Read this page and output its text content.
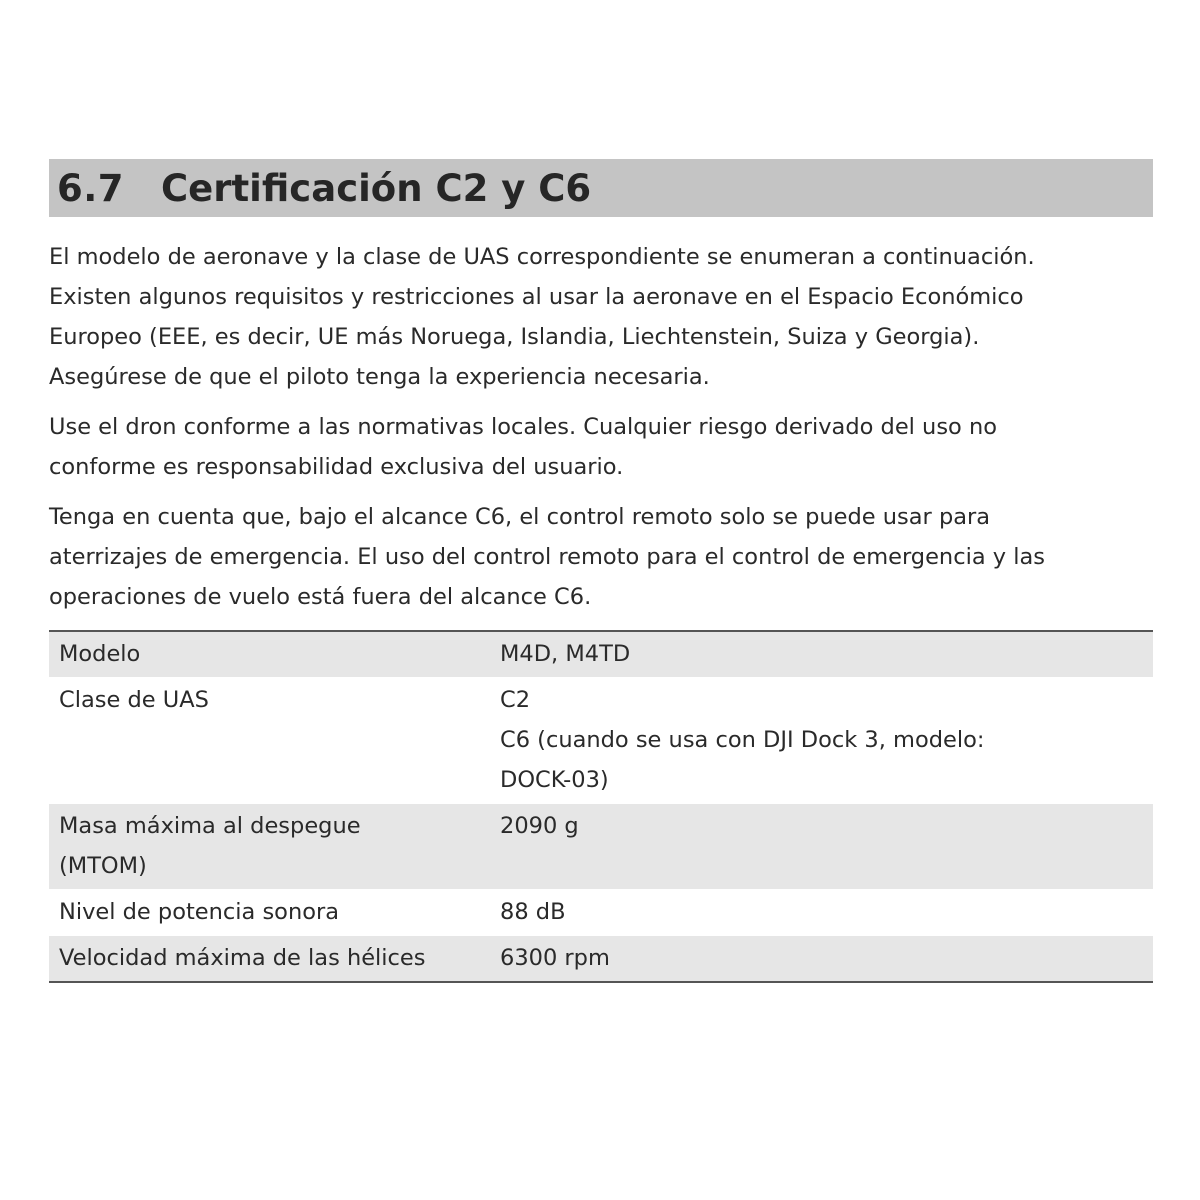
6.7 Certificación C2 y C6

El modelo de aeronave y la clase de UAS correspondiente se enumeran a continuación.
Existen algunos requisitos y restricciones al usar la aeronave en el Espacio Económico
Europeo (EEE, es decir, UE más Noruega, Islandia, Liechtenstein, Suiza y Georgia).
Asegúrese de que el piloto tenga la experiencia necesaria.

Use el dron conforme a las normativas locales. Cualquier riesgo derivado del uso no
conforme es responsabilidad exclusiva del usuario.

Tenga en cuenta que, bajo el alcance C6, el control remoto solo se puede usar para
aterrizajes de emergencia. El uso del control remoto para el control de emergencia y las
operaciones de vuelo está fuera del alcance C6.

Modelo	M4D, M4TD

Clase de UAS	C2
C6 (cuando se usa con DJI Dock 3, modelo:
DOCK-03)

Masa máxima al despegue
(MTOM)	2090 g

Nivel de potencia sonora	88 dB

Velocidad máxima de las hélices	6300 rpm
